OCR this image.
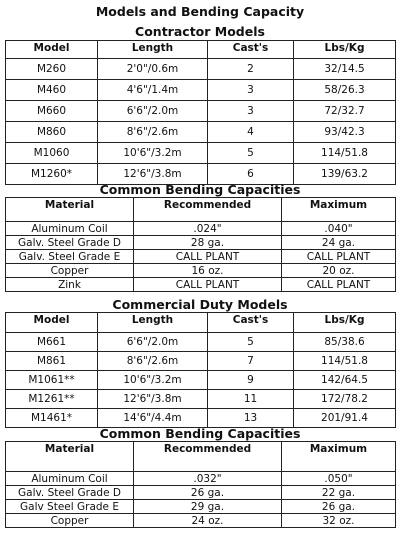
Models and Bending Capacity
Contractor Models
Model	Length	Cast's	Lbs/Kg
M260	2'0"/0.6m	2	32/14.5
M460	4'6"/1.4m	3	58/26.3
M660	6'6"/2.0m	3	72/32.7
M860	8'6"/2.6m	4	93/42.3
M1060	10'6"/3.2m	5	114/51.8
M1260*	12'6"/3.8m	6	139/63.2
Common Bending Capacities
Material	Recommended	Maximum
Aluminum Coil	.024"	.040"
Galv. Steel Grade D	28 ga.	24 ga.
Galv. Steel Grade E	CALL PLANT	CALL PLANT
Copper	16 oz.	20 oz.
Zink	CALL PLANT	CALL PLANT
Commercial Duty Models
Model	Length	Cast's	Lbs/Kg
M661	6'6"/2.0m	5	85/38.6
M861	8'6"/2.6m	7	114/51.8
M1061**	10'6"/3.2m	9	142/64.5
M1261**	12'6"/3.8m	11	172/78.2
M1461*	14'6"/4.4m	13	201/91.4
Common Bending Capacities
Material	Recommended	Maximum
Aluminum Coil	.032"	.050"
Galv. Steel Grade D	26 ga.	22 ga.
Galv Steel Grade E	29 ga.	26 ga.
Copper	24 oz.	32 oz.
